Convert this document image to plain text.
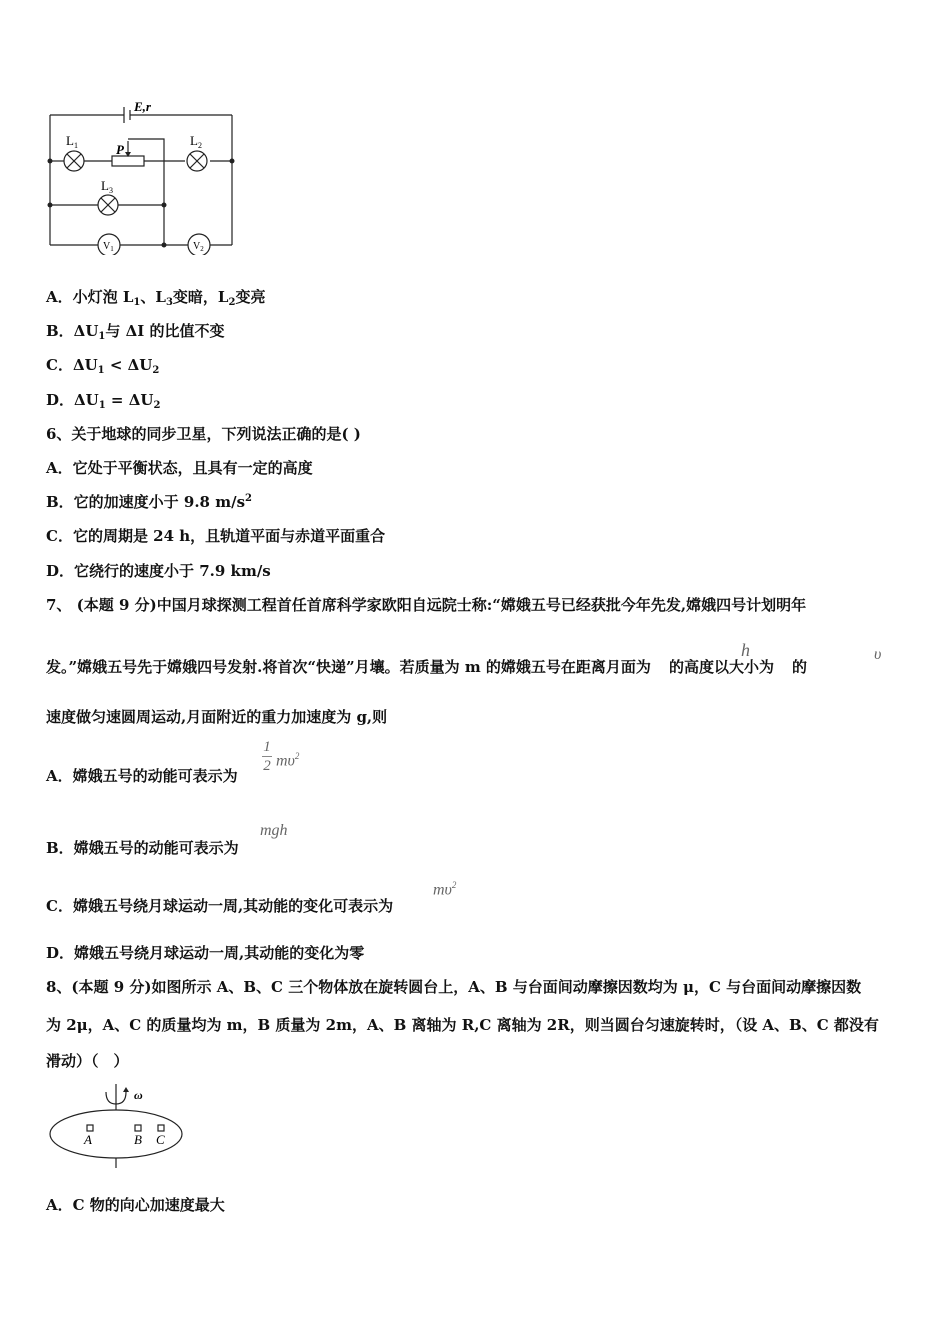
E,r
$L_1$	$L_2$
$L_3$
P
$V_1$	$V_2$
A．小灯泡 $L_1$、$L_3$变暗，$L_2$变亮
B．$\Delta U_1$与 ΔI 的比值不变
C．$\Delta U_1 < \Delta U_2$
D．$\Delta U_1 = \Delta U_2$
6、关于地球的同步卫星，下列说法正确的是( )
A．它处于平衡状态，且具有一定的高度
B．它的加速度小于 9.8 $m/s^2$
C．它的周期是 24 h，且轨道平面与赤道平面重合
D．它绕行的速度小于 7.9 km/s
7、 (本题 9 分)中国月球探测工程首任首席科学家欧阳自远院士称:“嫦娥五号已经获批今年先发,嫦娥四号计划明年
发。”嫦娥五号先于嫦娥四号发射.将首次“快递”月壤。若质量为 m 的嫦娥五号在距离月面为 的高度以大小为 的
h	υ
速度做匀速圆周运动,月面附近的重力加速度为 g,则
A．嫦娥五号的动能可表示为
1
2 $m\upsilon^2$
B．嫦娥五号的动能可表示为
mgh
C．嫦娥五号绕月球运动一周,其动能的变化可表示为
$m\upsilon^2$
D．嫦娥五号绕月球运动一周,其动能的变化为零
8、(本题 9 分)如图所示 A、B、C 三个物体放在旋转圆台上，A、B 与台面间动摩擦因数均为 μ，C 与台面间动摩擦因数
为 2μ，A、C 的质量均为 m，B 质量为 2m，A、B 离轴为 R,C 离轴为 2R，则当圆台匀速旋转时，（设 A、B、C 都没有
滑动）（　）
ω
A	B C
A．C 物的向心加速度最大
